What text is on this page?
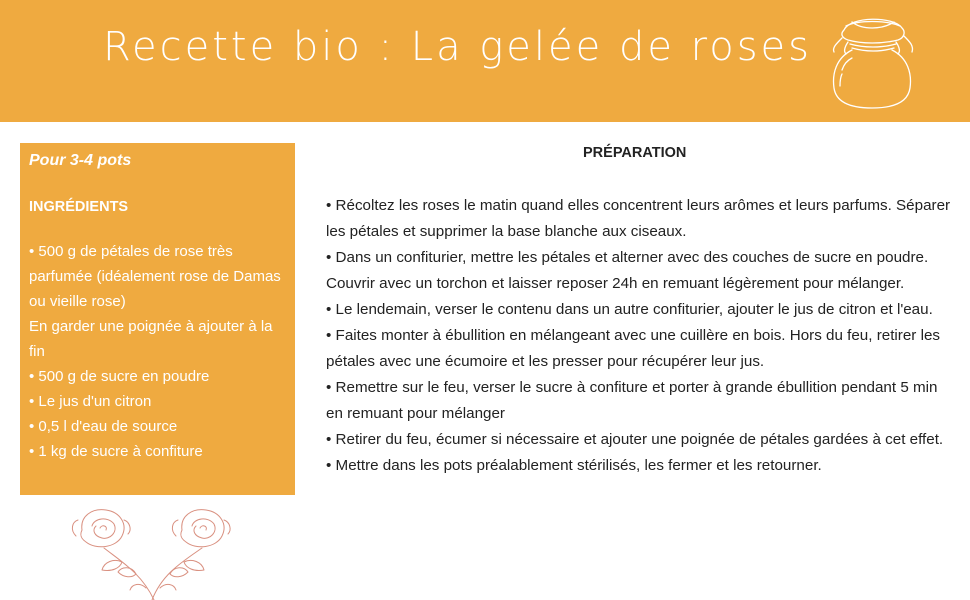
Recette bio : La gelée de roses
Pour 3-4 pots
INGRÉDIENTS
• 500 g de pétales de rose très parfumée (idéalement rose de Damas ou vieille rose)
En garder une poignée à ajouter à la fin
• 500 g de sucre en poudre
• Le jus d'un citron
• 0,5 l d'eau de source
• 1 kg de sucre à confiture
PRÉPARATION
• Récoltez les roses le matin quand elles concentrent leurs arômes et leurs parfums. Séparer les pétales et supprimer la base blanche aux ciseaux.
• Dans un confiturier, mettre les pétales et alterner avec des couches de sucre en poudre. Couvrir avec un torchon et laisser reposer 24h en remuant légèrement pour mélanger.
• Le lendemain, verser le contenu dans un autre confiturier, ajouter le jus de citron et l'eau.
• Faites monter à ébullition en mélangeant avec une cuillère en bois. Hors du feu, retirer les pétales avec une écumoire et les presser pour récupérer leur jus.
• Remettre sur le feu, verser le sucre à confiture et porter à grande ébullition pendant 5 min en remuant pour mélanger
• Retirer du feu, écumer si nécessaire et ajouter une poignée de pétales gardées à cet effet.
• Mettre dans les pots préalablement stérilisés, les fermer et les retourner.
